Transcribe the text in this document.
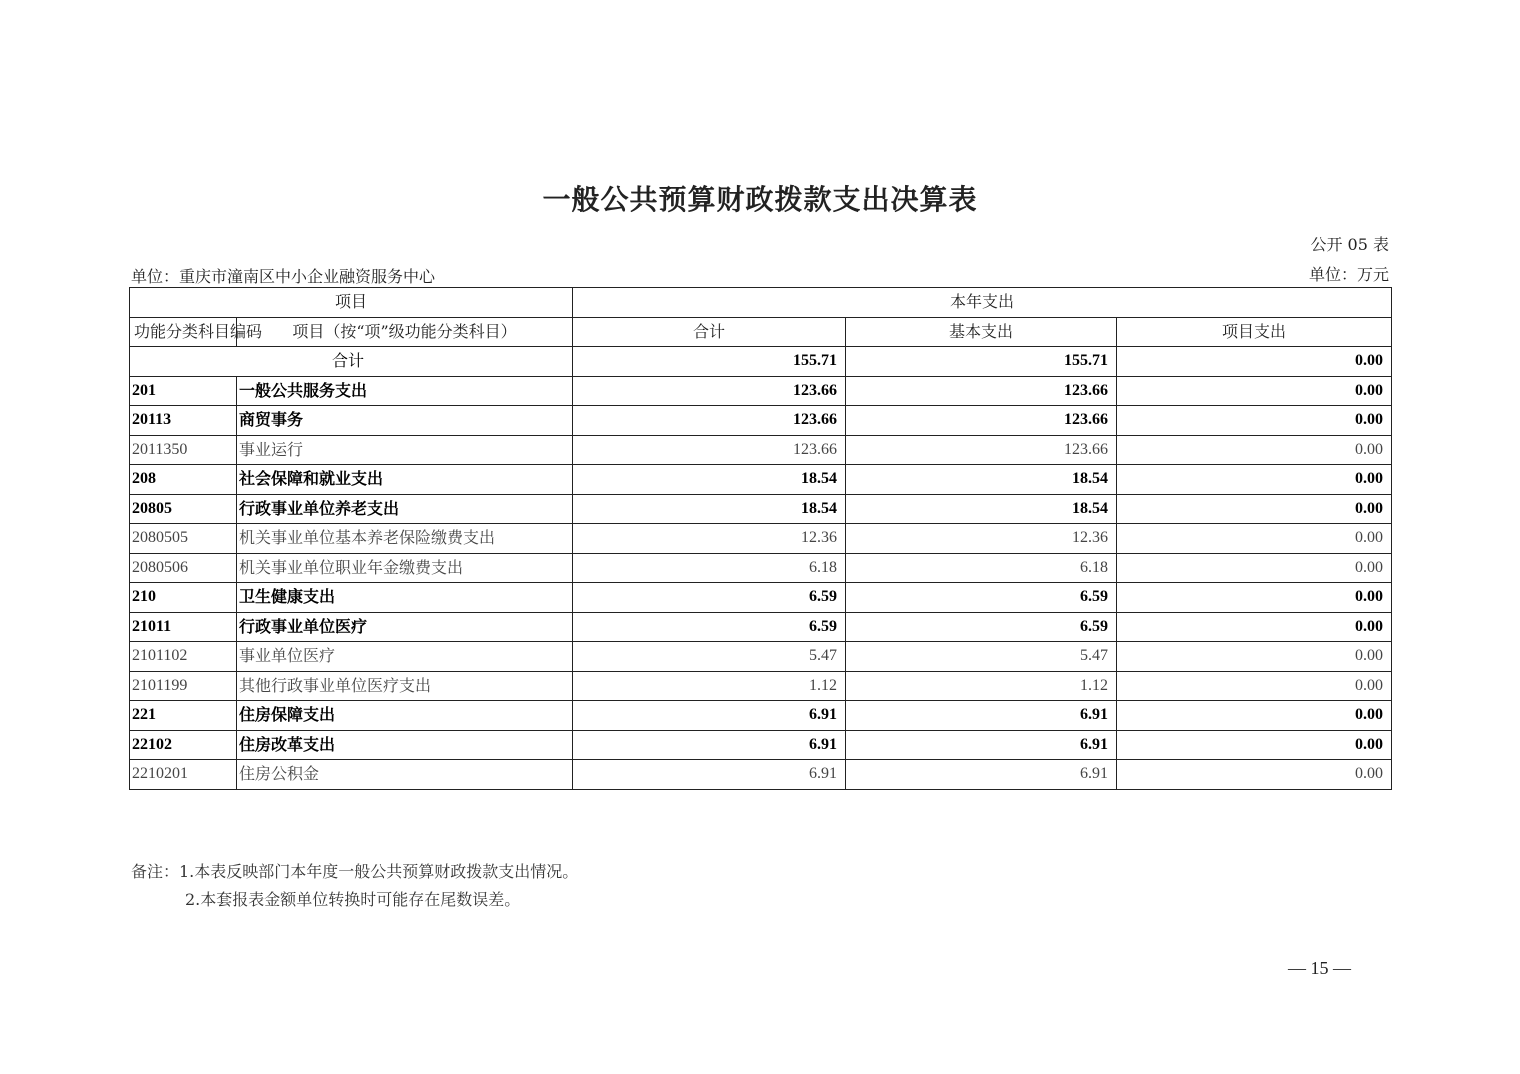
一般公共预算财政拨款支出决算表
公开 05 表
单位：重庆市潼南区中小企业融资服务中心	单位：万元
项目		本年支出		
功能分类科目编码	项目（按“项”级功能分类科目）	合计	基本支出	项目支出
合计		155.71	155.71	0.00
201	一般公共服务支出	123.66	123.66	0.00
20113	商贸事务	123.66	123.66	0.00
2011350	事业运行	123.66	123.66	0.00
208	社会保障和就业支出	18.54	18.54	0.00
20805	行政事业单位养老支出	18.54	18.54	0.00
2080505	机关事业单位基本养老保险缴费支出	12.36	12.36	0.00
2080506	机关事业单位职业年金缴费支出	6.18	6.18	0.00
210	卫生健康支出	6.59	6.59	0.00
21011	行政事业单位医疗	6.59	6.59	0.00
2101102	事业单位医疗	5.47	5.47	0.00
2101199	其他行政事业单位医疗支出	1.12	1.12	0.00
221	住房保障支出	6.91	6.91	0.00
22102	住房改革支出	6.91	6.91	0.00
2210201	住房公积金	6.91	6.91	0.00
备注：1.本表反映部门本年度一般公共预算财政拨款支出情况。
2.本套报表金额单位转换时可能存在尾数误差。
— 15 —
